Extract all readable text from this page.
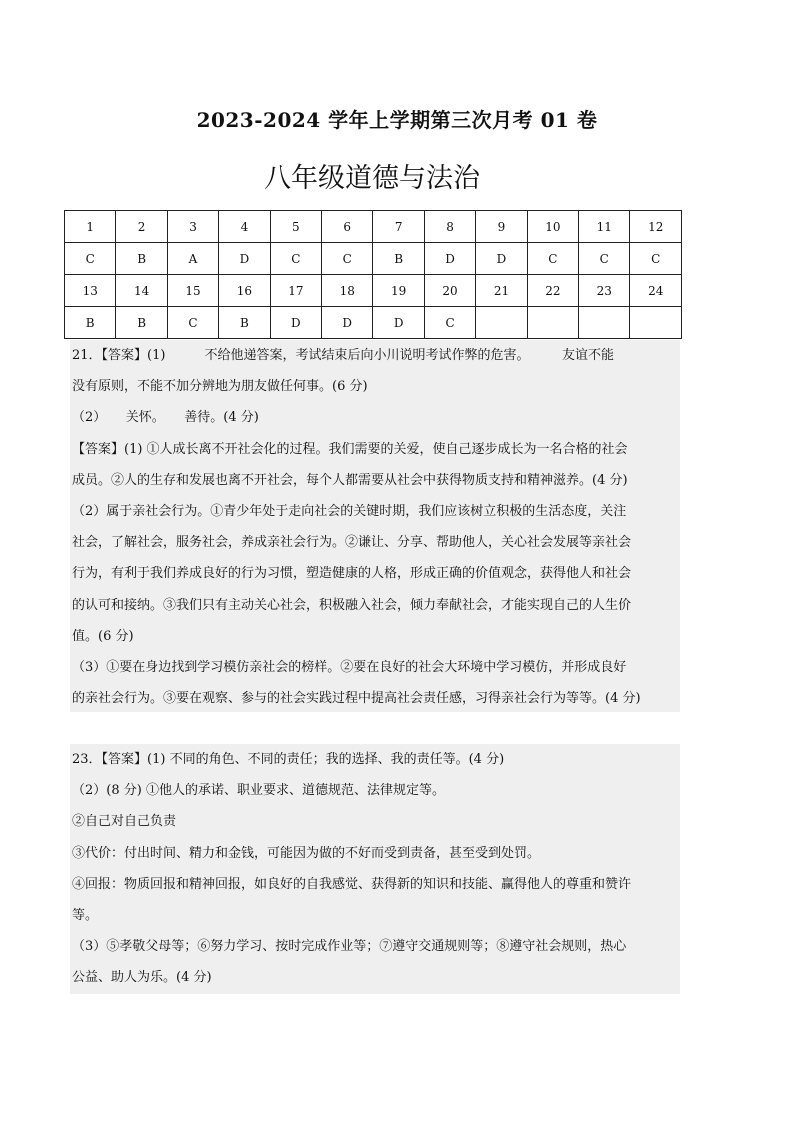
2023-2024 学年上学期第三次月考 01 卷
八年级道德与法治
1	2	3	4	5	6	7	8	9	10	11	12
C	B	A	D	C	C	B	D	D	C	C	C
13	14	15	16	17	18	19	20	21	22	23	24
B	B	C	B	D	D	D	C				

21．【答案】(1)　　　不给他递答案，考试结束后向小川说明考试作弊的危害。　　　友谊不能

没有原则，不能不加分辨地为朋友做任何事。(6 分)

（2）　　关怀。　　善待。(4 分)

【答案】(1) ①人成长离不开社会化的过程。我们需要的关爱，使自己逐步成长为一名合格的社会

成员。②人的生存和发展也离不开社会，每个人都需要从社会中获得物质支持和精神滋养。(4 分)

（2）属于亲社会行为。①青少年处于走向社会的关键时期，我们应该树立积极的生活态度，关注

社会，了解社会，服务社会，养成亲社会行为。②谦让、分享、帮助他人，关心社会发展等亲社会

行为，有利于我们养成良好的行为习惯，塑造健康的人格，形成正确的价值观念，获得他人和社会

的认可和接纳。③我们只有主动关心社会，积极融入社会，倾力奉献社会，才能实现自己的人生价

值。(6 分)

（3）①要在身边找到学习模仿亲社会的榜样。②要在良好的社会大环境中学习模仿，并形成良好

的亲社会行为。③要在观察、参与的社会实践过程中提高社会责任感，习得亲社会行为等等。(4 分)

23．【答案】(1) 不同的角色、不同的责任；我的选择、我的责任等。(4 分)

（2）(8 分) ①他人的承诺、职业要求、道德规范、法律规定等。

②自己对自己负责

③代价：付出时间、精力和金钱，可能因为做的不好而受到责备，甚至受到处罚。

④回报：物质回报和精神回报，如良好的自我感觉、获得新的知识和技能、赢得他人的尊重和赞许

等。

（3）⑤孝敬父母等；⑥努力学习、按时完成作业等；⑦遵守交通规则等；⑧遵守社会规则，热心

公益、助人为乐。(4 分)
